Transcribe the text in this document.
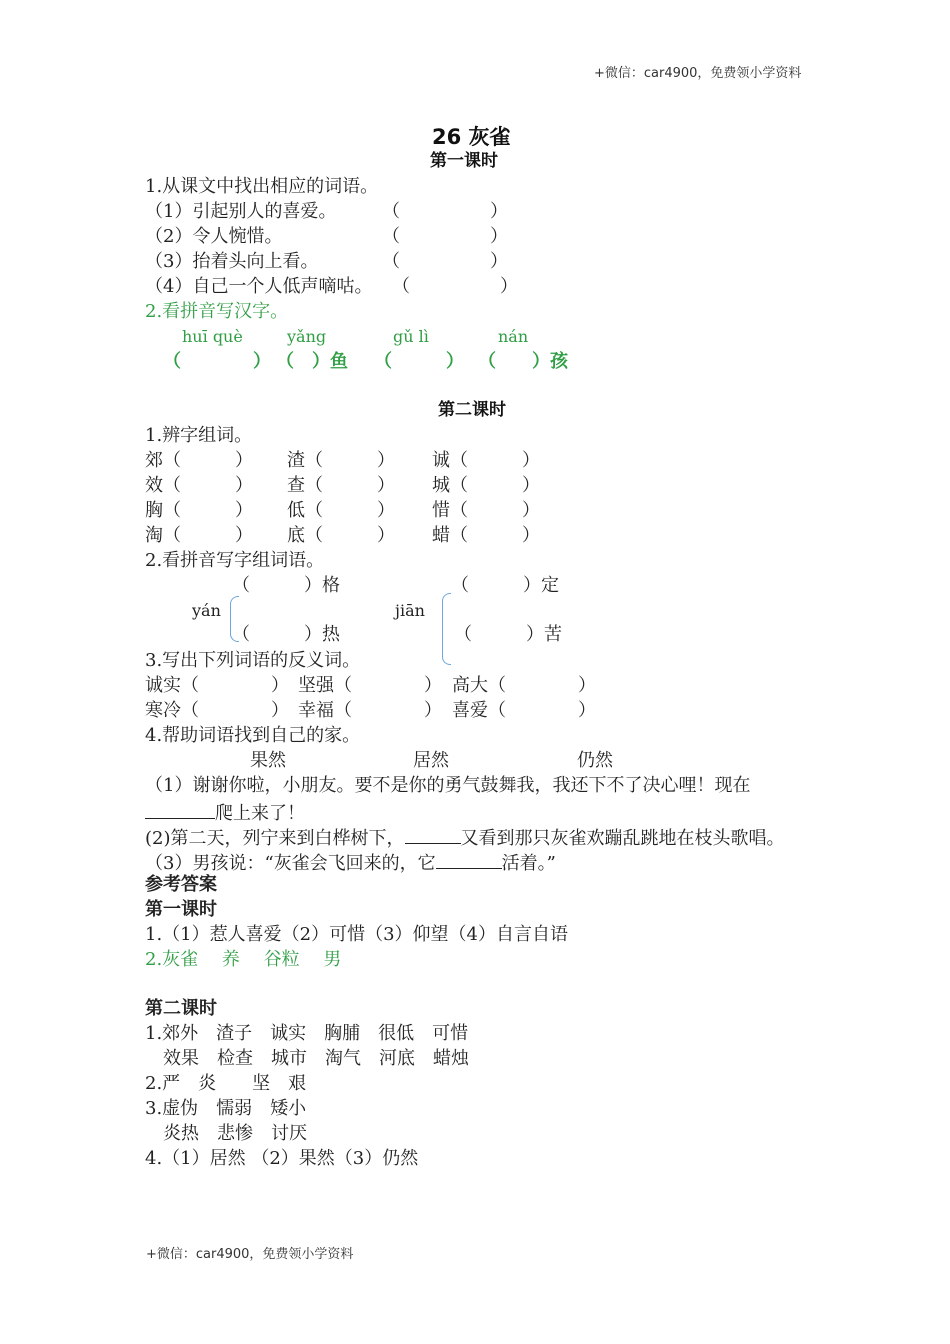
+微信：car4900，免费领小学资料
+微信：car4900，免费领小学资料
26 灰雀
第一课时
1.从课文中找出相应的词语。
（1）引起别人的喜爱。	（　　　　　）
（2）令人惋惜。	（　　　　　）
（3）抬着头向上看。	（　　　　　）
（4）自己一个人低声嘀咕。 （　　　　　）
2.看拼音写汉字。
huī què	yǎng	gǔ lì	nán
（　　　　） （　）鱼 （　　　） （　　）孩
第二课时
1.辨字组词。
郊（　　　） 渣（　　　） 诚（　　　）
效（　　　） 查（　　　） 城（　　　）
胸（　　　） 低（　　　） 惜（　　　）
淘（　　　） 底（　　　） 蜡（　　　）
2.看拼音写字组词语。
（　　　）格
yán
（　　　）热
（　　　）定
jiān
（　　　）苦
3.写出下列词语的反义词。
诚实（　　　　） 坚强（　　　　） 高大（　　　　）
寒冷（　　　　） 幸福（　　　　） 喜爱（　　　　）
4.帮助词语找到自己的家。
果然	居然	仍然
（1）谢谢你啦，小朋友。要不是你的勇气鼓舞我，我还下不了决心哩！现在
爬上来了！
(2)第二天，列宁来到白桦树下，	又看到那只灰雀欢蹦乱跳地在枝头歌唱。
（3）男孩说：“灰雀会飞回来的，它	活着。”
参考答案
第一课时
1.（1）惹人喜爱（2）可惜（3）仰望（4）自言自语
2.灰雀　 养　 谷粒　 男
第二课时
1.郊外　渣子　诚实　胸脯　很低　可惜
　效果　检查　城市　淘气　河底　蜡烛
2.严　炎　　坚　艰
3.虚伪　懦弱　矮小
　炎热　悲惨　讨厌
4.（1）居然 （2）果然（3）仍然
